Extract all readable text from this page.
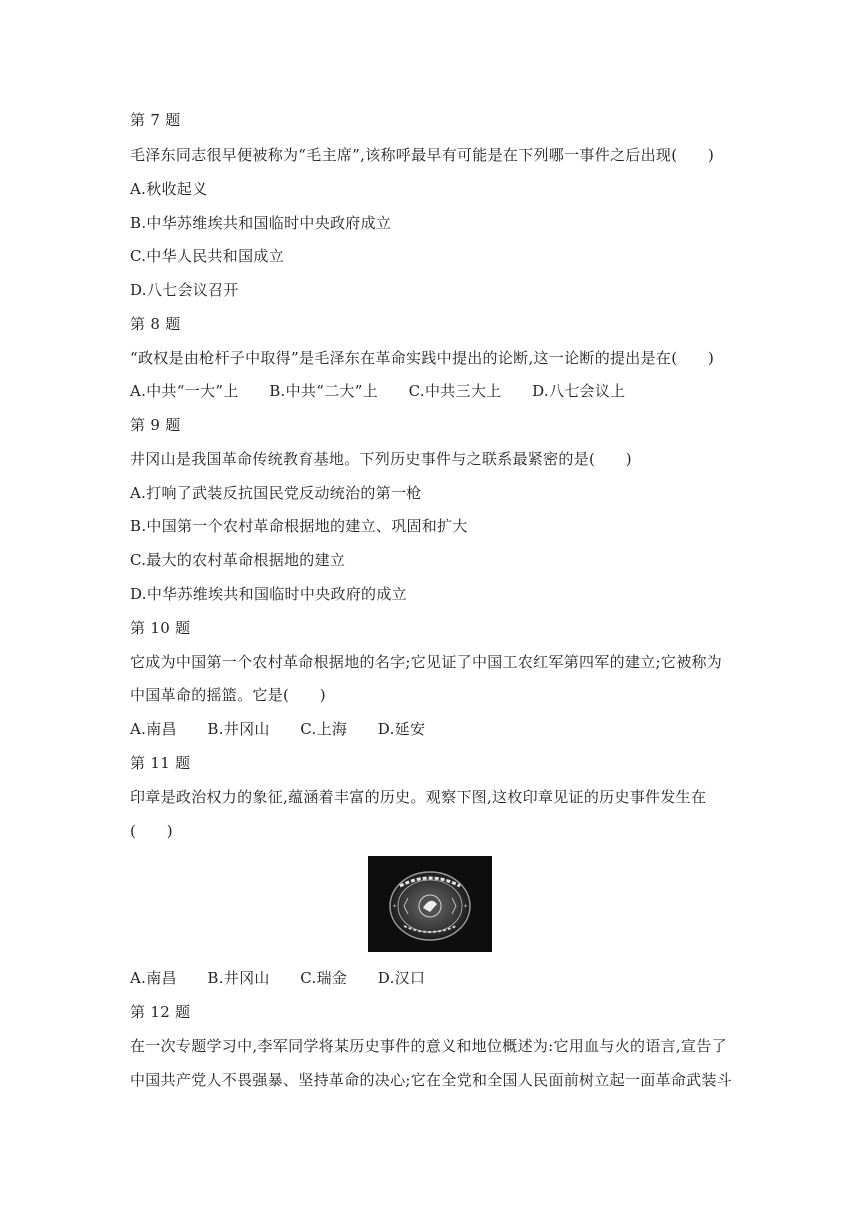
第 7 题
毛泽东同志很早便被称为“毛主席”,该称呼最早有可能是在下列哪一事件之后出现(　　)
A.秋收起义
B.中华苏维埃共和国临时中央政府成立
C.中华人民共和国成立
D.八七会议召开
第 8 题
“政权是由枪杆子中取得”是毛泽东在革命实践中提出的论断,这一论断的提出是在(　　)
A.中共“一大”上　　B.中共“二大”上　　C.中共三大上　　D.八七会议上
第 9 题
井冈山是我国革命传统教育基地。下列历史事件与之联系最紧密的是(　　)
A.打响了武装反抗国民党反动统治的第一枪
B.中国第一个农村革命根据地的建立、巩固和扩大
C.最大的农村革命根据地的建立
D.中华苏维埃共和国临时中央政府的成立
第 10 题
它成为中国第一个农村革命根据地的名字;它见证了中国工农红军第四军的建立;它被称为
中国革命的摇篮。它是(　　)
A.南昌　　B.井冈山　　C.上海　　D.延安
第 11 题
印章是政治权力的象征,蕴涵着丰富的历史。观察下图,这枚印章见证的历史事件发生在
(　　)
✦	✦
A.南昌　　B.井冈山　　C.瑞金　　D.汉口
第 12 题
在一次专题学习中,李军同学将某历史事件的意义和地位概述为:它用血与火的语言,宣告了
中国共产党人不畏强暴、坚持革命的决心;它在全党和全国人民面前树立起一面革命武装斗
